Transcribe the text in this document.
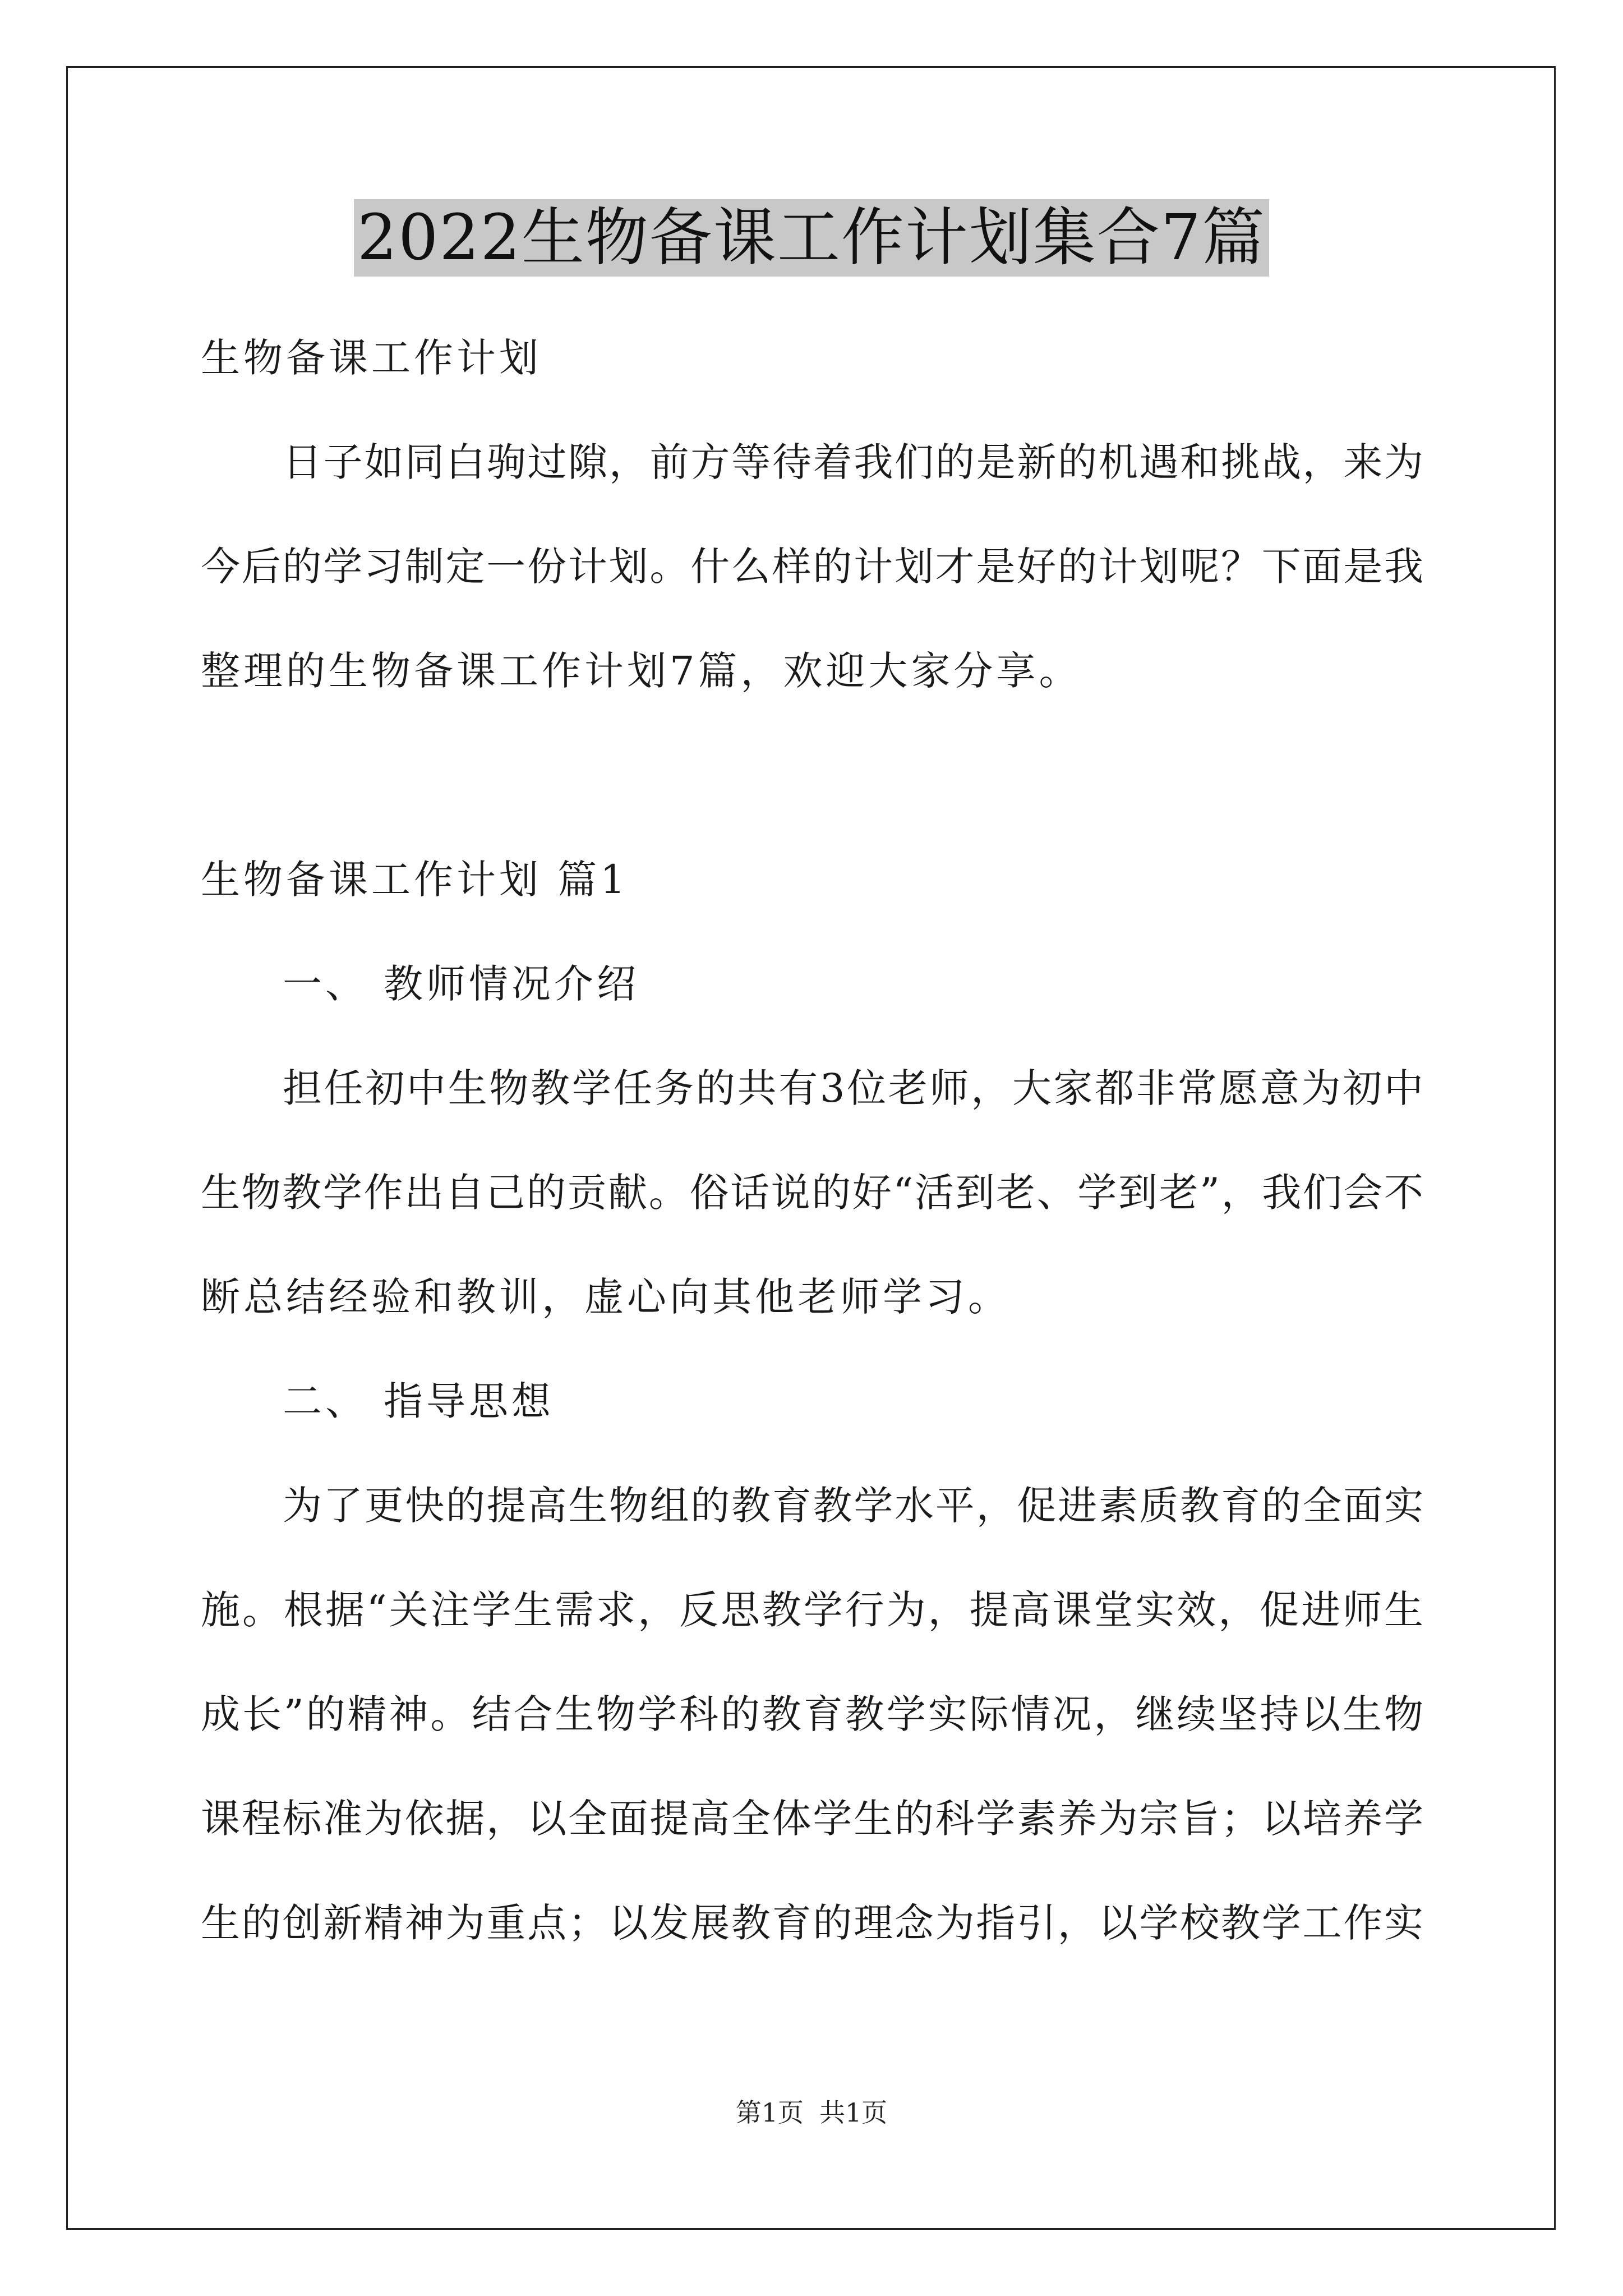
2022生物备课工作计划集合7篇
生物备课工作计划
日子如同白驹过隙，前方等待着我们的是新的机遇和挑战，来为
今后的学习制定一份计划。什么样的计划才是好的计划呢？下面是我
整理的生物备课工作计划7篇，欢迎大家分享。
生物备课工作计划 篇1
一、 教师情况介绍
担任初中生物教学任务的共有3位老师，大家都非常愿意为初中
生物教学作出自己的贡献。俗话说的好“活到老、学到老”，我们会不
断总结经验和教训，虚心向其他老师学习。
二、 指导思想
为了更快的提高生物组的教育教学水平，促进素质教育的全面实
施。根据“关注学生需求，反思教学行为，提高课堂实效，促进师生
成长”的精神。结合生物学科的教育教学实际情况，继续坚持以生物
课程标准为依据，以全面提高全体学生的科学素养为宗旨；以培养学
生的创新精神为重点；以发展教育的理念为指引，以学校教学工作实
第1页 共1页
